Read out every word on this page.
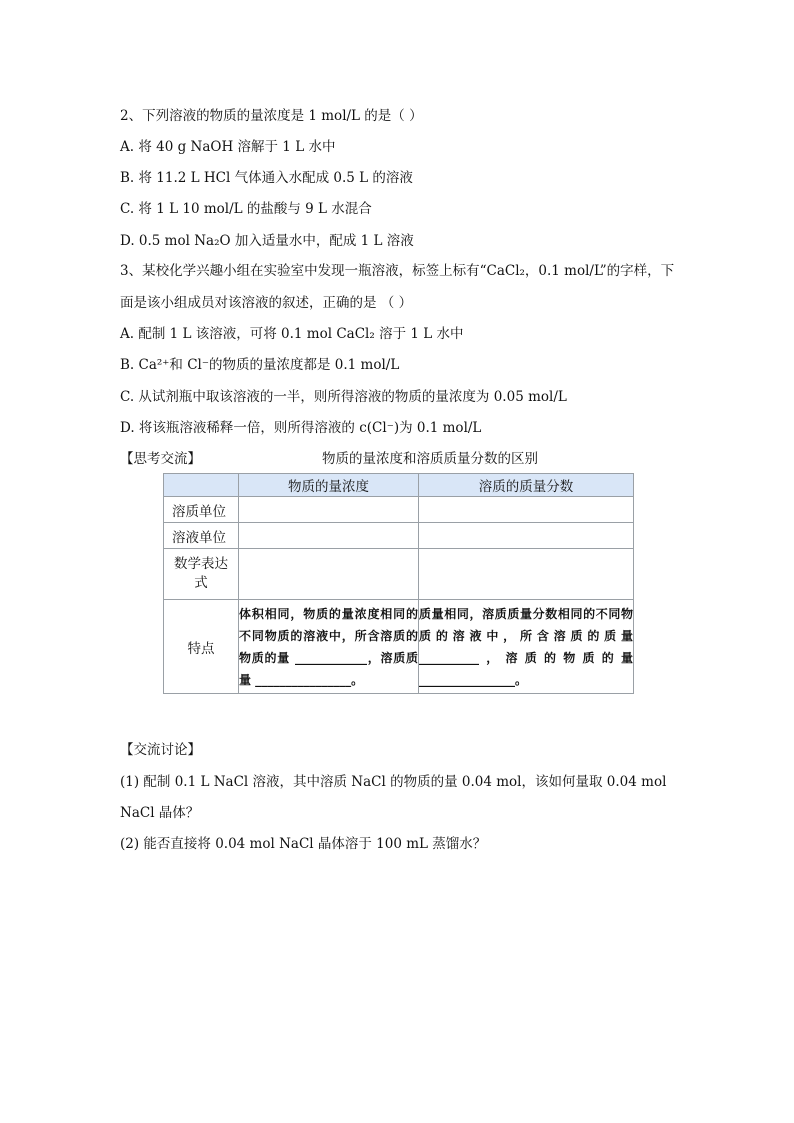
2、下列溶液的物质的量浓度是 1 mol/L 的是（ ）
A. 将 40 g NaOH 溶解于 1 L 水中
B. 将 11.2 L HCl 气体通入水配成 0.5 L 的溶液
C. 将 1 L 10 mol/L 的盐酸与 9 L 水混合
D. 0.5 mol Na₂O 加入适量水中，配成 1 L 溶液
3、某校化学兴趣小组在实验室中发现一瓶溶液，标签上标有“CaCl₂，0.1 mol/L”的字样，下
面是该小组成员对该溶液的叙述，正确的是 （ ）
A. 配制 1 L 该溶液，可将 0.1 mol CaCl₂ 溶于 1 L 水中
B. Ca²⁺和 Cl⁻的物质的量浓度都是 0.1 mol/L
C. 从试剂瓶中取该溶液的一半，则所得溶液的物质的量浓度为 0.05 mol/L
D. 将该瓶溶液稀释一倍，则所得溶液的 c(Cl⁻)为 0.1 mol/L
【思考交流】	物质的量浓度和溶质质量分数的区别
	物质的量浓度	溶质的质量分数
溶质单位		
溶液单位		
数学表达式		
特点	体积相同，物质的量浓度相同的不同物质的溶液中，所含溶质的物质的量 ____________，溶质质量 ________________。	质量相同，溶质质量分数相同的不同物质的溶液中，所含溶质的质量 __________，溶质的物质的量________________。
【交流讨论】
(1) 配制 0.1 L NaCl 溶液，其中溶质 NaCl 的物质的量 0.04 mol，该如何量取 0.04 mol
NaCl 晶体？
(2) 能否直接将 0.04 mol NaCl 晶体溶于 100 mL 蒸馏水？
